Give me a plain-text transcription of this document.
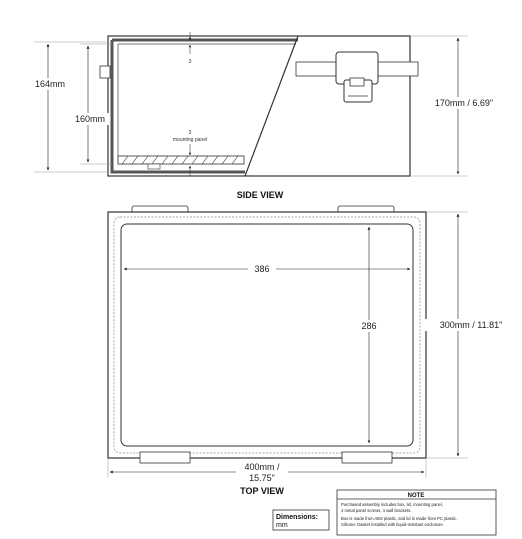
164mm
160mm
170mm / 6.69"
3
3
mounting panel
SIDE VIEW
386
286	300mm / 11.81"
400mm /
15.75"
TOP VIEW
Dimensions:
mm
NOTE
Purchased assembly includes box, lid, mounting panel,
4 metal panel screws, 4 wall brackets.
Box is made from ABS plastic, and lid is made from PC plastic.
Silicone Gasket installed with liquid-resistant enclosure.
